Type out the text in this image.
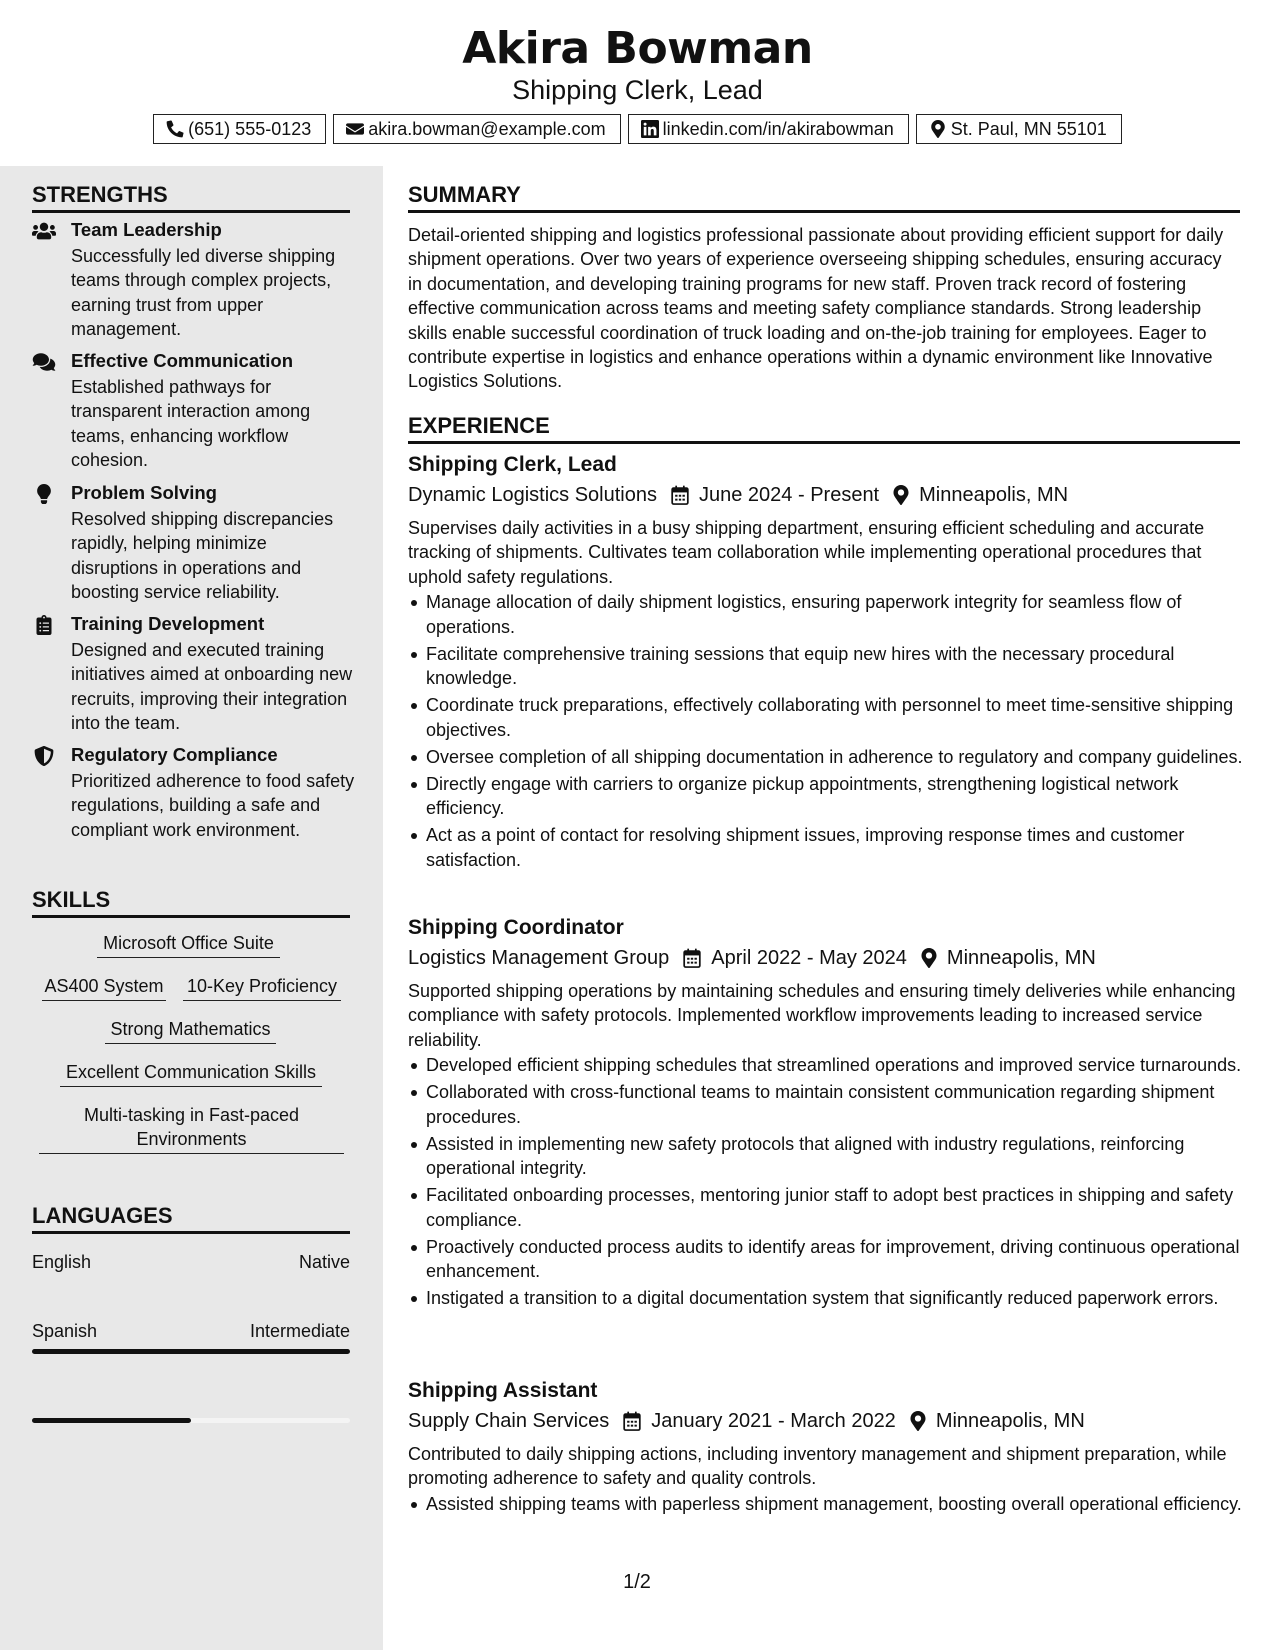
Akira Bowman
Shipping Clerk, Lead
(651) 555-0123	akira.bowman@example.com	linkedin.com/in/akirabowman	St. Paul, MN 55101
STRENGTHS
Team Leadership
Successfully led diverse shipping teams through complex projects, earning trust from upper management.
Effective Communication
Established pathways for transparent interaction among teams, enhancing workflow cohesion.
Problem Solving
Resolved shipping discrepancies rapidly, helping minimize disruptions in operations and boosting service reliability.
Training Development
Designed and executed training initiatives aimed at onboarding new recruits, improving their integration into the team.
Regulatory Compliance
Prioritized adherence to food safety regulations, building a safe and compliant work environment.
SKILLS
Microsoft Office Suite
AS400 System 10-Key Proficiency
Strong Mathematics
Excellent Communication Skills
Multi-tasking in Fast-paced Environments
LANGUAGES
English	Native
Spanish	Intermediate
SUMMARY
Detail-oriented shipping and logistics professional passionate about providing efficient support for daily shipment operations. Over two years of experience overseeing shipping schedules, ensuring accuracy in documentation, and developing training programs for new staff. Proven track record of fostering effective communication across teams and meeting safety compliance standards. Strong leadership skills enable successful coordination of truck loading and on-the-job training for employees. Eager to contribute expertise in logistics and enhance operations within a dynamic environment like Innovative Logistics Solutions.
EXPERIENCE
Shipping Clerk, Lead
Dynamic Logistics Solutions June 2024 - Present Minneapolis, MN
Supervises daily activities in a busy shipping department, ensuring efficient scheduling and accurate tracking of shipments. Cultivates team collaboration while implementing operational procedures that uphold safety regulations.
Manage allocation of daily shipment logistics, ensuring paperwork integrity for seamless flow of operations.
Facilitate comprehensive training sessions that equip new hires with the necessary procedural knowledge.
Coordinate truck preparations, effectively collaborating with personnel to meet time-sensitive shipping objectives.
Oversee completion of all shipping documentation in adherence to regulatory and company guidelines.
Directly engage with carriers to organize pickup appointments, strengthening logistical network efficiency.
Act as a point of contact for resolving shipment issues, improving response times and customer satisfaction.
Shipping Coordinator
Logistics Management Group April 2022 - May 2024 Minneapolis, MN
Supported shipping operations by maintaining schedules and ensuring timely deliveries while enhancing compliance with safety protocols. Implemented workflow improvements leading to increased service reliability.
Developed efficient shipping schedules that streamlined operations and improved service turnarounds.
Collaborated with cross-functional teams to maintain consistent communication regarding shipment procedures.
Assisted in implementing new safety protocols that aligned with industry regulations, reinforcing operational integrity.
Facilitated onboarding processes, mentoring junior staff to adopt best practices in shipping and safety compliance.
Proactively conducted process audits to identify areas for improvement, driving continuous operational enhancement.
Instigated a transition to a digital documentation system that significantly reduced paperwork errors.
Shipping Assistant
Supply Chain Services January 2021 - March 2022 Minneapolis, MN
Contributed to daily shipping actions, including inventory management and shipment preparation, while promoting adherence to safety and quality controls.
Assisted shipping teams with paperless shipment management, boosting overall operational efficiency.
1/2
